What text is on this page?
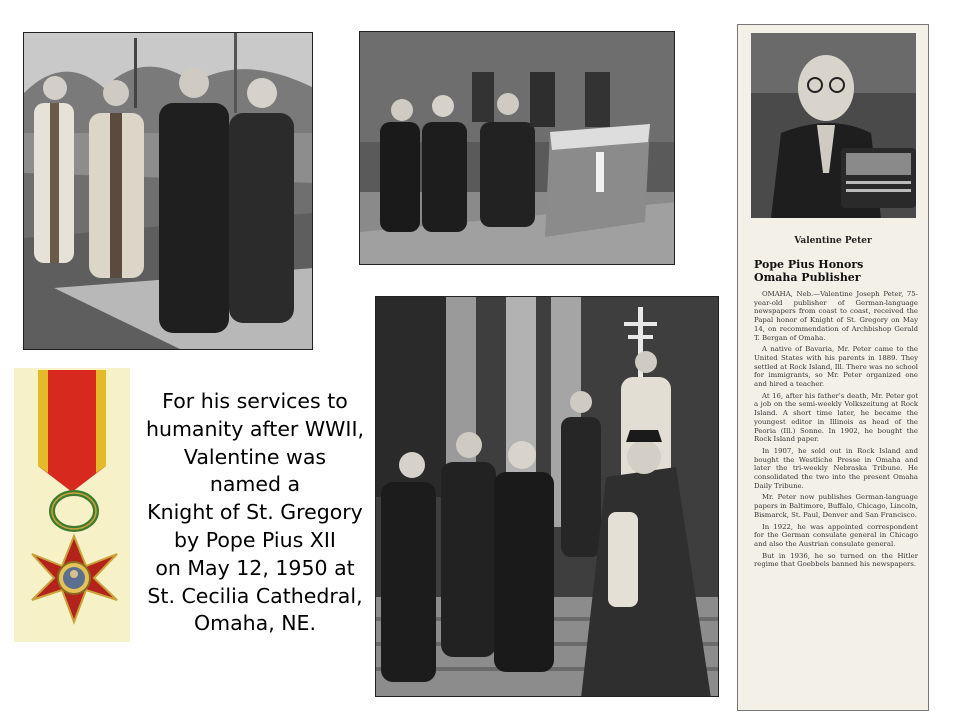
For his services to
humanity after WWII,
Valentine was
named a
Knight of St. Gregory
by Pope Pius XII
on May 12, 1950 at
St. Cecilia Cathedral,
Omaha, NE.
Valentine Peter
Pope Pius Honors
Omaha Publisher

OMAHA, Neb.—Valentine Joseph Peter, 75-year-old publisher of German-language newspapers from coast to coast, received the Papal honor of Knight of St. Gregory on May 14, on recommendation of Archbishop Gerald T. Bergan of Omaha.

A native of Bavaria, Mr. Peter came to the United States with his parents in 1889. They settled at Rock Island, Ill. There was no school for immigrants, so Mr. Peter organized one and hired a teacher.

At 16, after his father's death, Mr. Peter got a job on the semi-weekly Volkszeitung at Rock Island. A short time later, he became the youngest editor in Illinois as head of the Peoria (Ill.) Sonne. In 1902, he bought the Rock Island paper.

In 1907, he sold out in Rock Island and bought the Westliche Presse in Omaha and later the tri-weekly Nebraska Tribune. He consolidated the two into the present Omaha Daily Tribune.

Mr. Peter now publishes German-language papers in Baltimore, Buffalo, Chicago, Lincoln, Bismarck, St. Paul, Denver and San Francisco.

In 1922, he was appointed correspondent for the German consulate general in Chicago and also the Austrian consulate general.

But in 1936, he so turned on the Hitler regime that Goebbels banned his newspapers.
